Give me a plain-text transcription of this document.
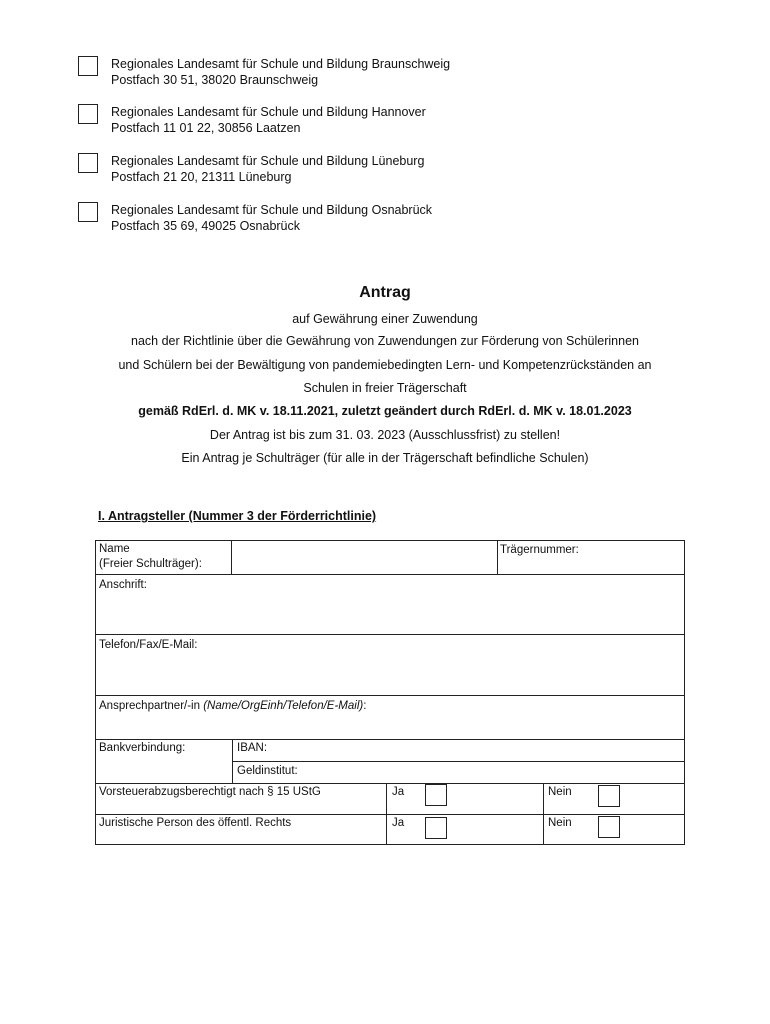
Regionales Landesamt für Schule und Bildung Braunschweig
Postfach 30 51, 38020 Braunschweig
Regionales Landesamt für Schule und Bildung Hannover
Postfach 11 01 22, 30856 Laatzen
Regionales Landesamt für Schule und Bildung Lüneburg
Postfach 21 20, 21311 Lüneburg
Regionales Landesamt für Schule und Bildung Osnabrück
Postfach 35 69, 49025 Osnabrück
Antrag
auf Gewährung einer Zuwendung
nach der Richtlinie über die Gewährung von Zuwendungen zur Förderung von Schülerinnen
und Schülern bei der Bewältigung von pandemiebedingten Lern- und Kompetenzrückständen an
Schulen in freier Trägerschaft
gemäß RdErl. d. MK v. 18.11.2021, zuletzt geändert durch RdErl. d. MK v. 18.01.2023
Der Antrag ist bis zum 31. 03. 2023 (Ausschlussfrist) zu stellen!
Ein Antrag je Schulträger (für alle in der Trägerschaft befindliche Schulen)
I. Antragsteller (Nummer 3 der Förderrichtlinie)
Name
(Freier Schulträger):
Trägernummer:
Anschrift:
Telefon/Fax/E-Mail:
Ansprechpartner/-in (Name/OrgEinh/Telefon/E-Mail):
Bankverbindung:	IBAN:
Geldinstitut:
Vorsteuerabzugsberechtigt nach § 15 UStG	Ja	Nein
Juristische Person des öffentl. Rechts	Ja	Nein
